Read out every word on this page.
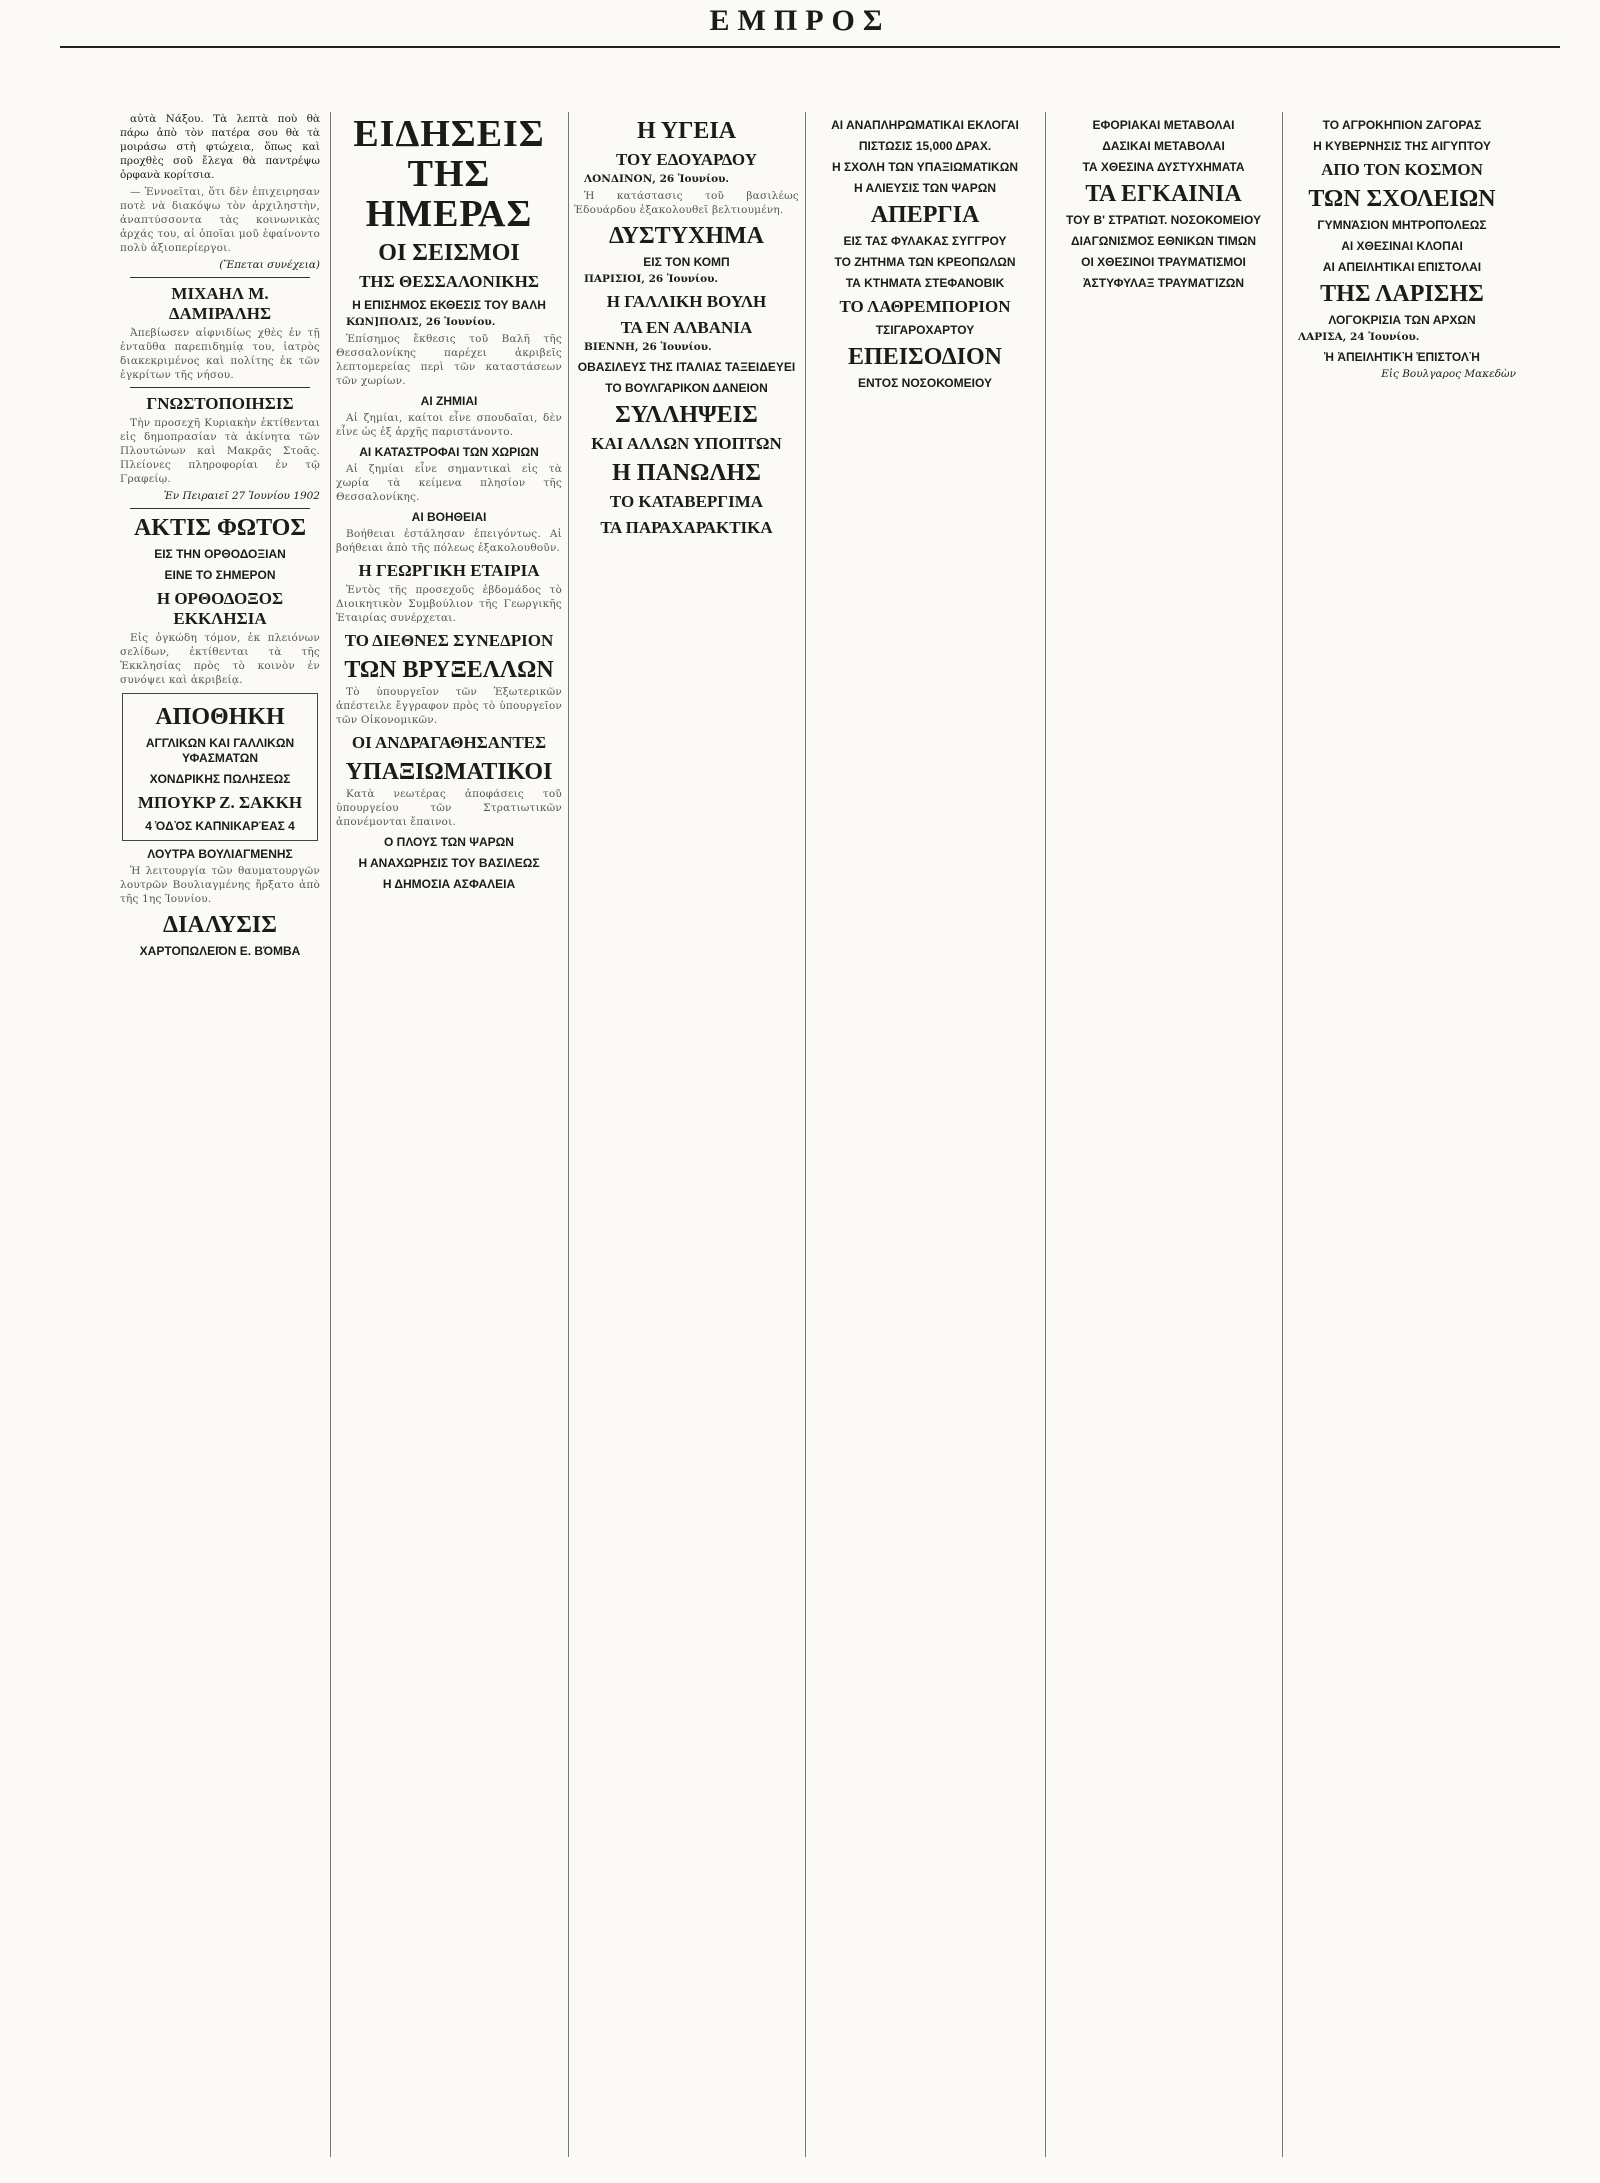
ΕΜΠΡΟΣ

αὐτὰ Νάξου. Τὰ λεπτὰ ποὺ θὰ πάρω ἀπὸ τὸν πατέρα σου θὰ τὰ μοιράσω στὴ φτώχεια, ὅπως καὶ προχθὲς σοῦ ἔλεγα θὰ παντρέψω ὀρφανὰ κορίτσια.

— Ἐννοεῖται, ὅτι δὲν ἐπιχειρησαν ποτὲ νὰ διακόψω τὸν ἀρχιληστὴν, ἀναπτύσσοντα τὰς κοινωνικὰς ἀρχάς του, αἱ ὁποῖαι μοῦ ἐφαίνοντο πολὺ ἀξιοπερίεργοι.

(Ἕπεται συνέχεια)

ΜΙΧΑΗΛ Μ. ΔΑΜΙΡΑΛΗΣ

Ἀπεβίωσεν αἰφνιδίως χθὲς ἐν τῇ ἐνταῦθα παρεπιδημίᾳ του, ἰατρὸς διακεκριμένος καὶ πολίτης ἐκ τῶν ἐγκρίτων τῆς νήσου.

ΓΝΩΣΤΟΠΟΙΗΣΙΣ

Τὴν προσεχῆ Κυριακὴν ἐκτίθενται εἰς δημοπρασίαν τὰ ἀκίνητα τῶν Πλουτώνων καὶ Μακρᾶς Στοᾶς. Πλείονες πληροφορίαι ἐν τῷ Γραφείῳ.

Ἐν Πειραιεῖ 27 Ἰουνίου 1902

ΑΚΤΙΣ ΦΩΤΟΣ
ΕΙΣ ΤΗΝ ΟΡΘΟΔΟΞΙΑΝ
ΕΙΝΕ ΤΟ ΣΗΜΕΡΟΝ
Η ΟΡΘΟΔΟΞΟΣ ΕΚΚΛΗΣΙΑ

Εἰς ὀγκώδη τόμον, ἐκ πλειόνων σελίδων, ἐκτίθενται τὰ τῆς Ἐκκλησίας πρὸς τὸ κοινὸν ἐν συνόψει καὶ ἀκριβείᾳ.

ΑΠΟΘΗΚΗ
ΑΓΓΛΙΚΩΝ ΚΑΙ ΓΑΛΛΙΚΩΝ ΥΦΑΣΜΑΤΩΝ
ΧΟΝΔΡΙΚΗΣ ΠΩΛΗΣΕΩΣ
ΜΠΟΥΚΡ Ζ. ΣΑΚΚΗ
4 ὉΔῸΣ ΚΑΠΝΙΚΑΡΈΑΣ 4
ΛΟΥΤΡΑ ΒΟΥΛΙΑΓΜΕΝΗΣ

Ἡ λειτουργία τῶν θαυματουργῶν λουτρῶν Βουλιαγμένης ἤρξατο ἀπὸ τῆς 1ης Ἰουνίου.

ΔΙΑΛΥΣΙΣ
ΧΑΡΤΟΠΩΛΕΙ͂ΟΝ Ε. ΒΌΜΒΑ
ΕΙΔΗΣΕΙΣ ΤΗΣ ΗΜΕΡΑΣ
ΟΙ ΣΕΙΣΜΟΙ
ΤΗΣ ΘΕΣΣΑΛΟΝΙΚΗΣ
Η ΕΠΙΣΗΜΟΣ ΕΚΘΕΣΙΣ ΤΟΥ ΒΑΛΗ

ΚΩΝ]ΠΟΛΙΣ, 26 Ἰουνίου.

Ἐπίσημος ἔκθεσις τοῦ Βαλῆ τῆς Θεσσαλονίκης παρέχει ἀκριβεῖς λεπτομερείας περὶ τῶν καταστάσεων τῶν χωρίων.

ΑΙ ΖΗΜΙΑΙ

Αἱ ζημίαι, καίτοι εἶνε σπουδαῖαι, δὲν εἶνε ὡς ἐξ ἀρχῆς παριστάνοντο.

ΑΙ ΚΑΤΑΣΤΡΟΦΑΙ ΤΩΝ ΧΩΡΙΩΝ

Αἱ ζημίαι εἶνε σημαντικαὶ εἰς τὰ χωρία τὰ κείμενα πλησίον τῆς Θεσσαλονίκης.

ΑΙ ΒΟΗΘΕΙΑΙ

Βοήθειαι ἐστάλησαν ἐπειγόντως. Αἱ βοήθειαι ἀπὸ τῆς πόλεως ἐξακολουθοῦν.

Η ΓΕΩΡΓΙΚΗ ΕΤΑΙΡΙΑ

Ἐντὸς τῆς προσεχοῦς ἑβδομάδος τὸ Διοικητικὸν Συμβούλιον τῆς Γεωργικῆς Ἑταιρίας συνέρχεται.

ΤΟ ΔΙΕΘΝΕΣ ΣΥΝΕΔΡΙΟΝ
ΤΩΝ ΒΡΥΞΕΛΛΩΝ

Τὸ ὑπουργεῖον τῶν Ἐξωτερικῶν ἀπέστειλε ἔγγραφον πρὸς τὸ ὑπουργεῖον τῶν Οἰκονομικῶν.

ΟΙ ΑΝΔΡΑΓΑΘΗΣΑΝΤΕΣ
ΥΠΑΞΙΩΜΑΤΙΚΟΙ

Κατὰ νεωτέρας ἀποφάσεις τοῦ ὑπουργείου τῶν Στρατιωτικῶν ἀπονέμονται ἔπαινοι.

Ο ΠΛΟΥΣ ΤΩΝ ΨΑΡΩΝ
Η ΑΝΑΧΩΡΗΣΙΣ ΤΟΥ ΒΑΣΙΛΕΩΣ
Η ΔΗΜΟΣΙΑ ΑΣΦΑΛΕΙΑ
Η ΥΓΕΙΑ
ΤΟΥ ΕΔΟΥΑΡΔΟΥ

ΛΟΝΔΙΝΟΝ, 26 Ἰουνίου.

Ἡ κατάστασις τοῦ βασιλέως Ἐδουάρδου ἐξακολουθεῖ βελτιουμένη.

ΔΥΣΤΥΧΗΜΑ
ΕΙΣ ΤΟΝ ΚΟΜΠ

ΠΑΡΙΣΙΟΙ, 26 Ἰουνίου.

Η ΓΑΛΛΙΚΗ ΒΟΥΛΗ
ΤΑ ΕΝ ΑΛΒΑΝΙΑ

ΒΙΕΝΝΗ, 26 Ἰουνίου.

ΟΒΑΣΙΛΕΥΣ ΤΗΣ ΙΤΑΛΙΑΣ ΤΑΞΕΙΔΕΥΕΙ
ΤΟ ΒΟΥΛΓΑΡΙΚΟΝ ΔΑΝΕΙΟΝ
ΣΥΛΛΗΨΕΙΣ
ΚΑΙ ΑΛΛΩΝ ΥΠΟΠΤΩΝ
Η ΠΑΝΩΛΗΣ
ΤΟ ΚΑΤΑΒΕΡΓΙΜΑ
ΤΑ ΠΑΡΑΧΑΡΑΚΤΙΚΑ
ΑΙ ΑΝΑΠΛΗΡΩΜΑΤΙΚΑΙ ΕΚΛΟΓΑΙ
ΠΙΣΤΩΣΙΣ 15,000 ΔΡΑΧ.
Η ΣΧΟΛΗ ΤΩΝ ΥΠΑΞΙΩΜΑΤΙΚΩΝ
Η ΑΛΙΕΥΣΙΣ ΤΩΝ ΨΑΡΩΝ
ΑΠΕΡΓΙΑ
ΕΙΣ ΤΑΣ ΦΥΛΑΚΑΣ ΣΥΓΓΡΟΥ
ΤΟ ΖΗΤΗΜΑ ΤΩΝ ΚΡΕΟΠΩΛΩΝ
ΤΑ ΚΤΗΜΑΤΑ ΣΤΕΦΑΝΟΒΙΚ
ΤΟ ΛΑΘΡΕΜΠΟΡΙΟΝ
ΤΣΙΓΑΡΟΧΑΡΤΟΥ
ΕΠΕΙΣΟΔΙΟΝ
ΕΝΤΟΣ ΝΟΣΟΚΟΜΕΙΟΥ
ΕΦΟΡΙΑΚΑΙ ΜΕΤΑΒΟΛΑΙ
ΔΑΣΙΚΑΙ ΜΕΤΑΒΟΛΑΙ
ΤΑ ΧΘΕΣΙΝΑ ΔΥΣΤΥΧΗΜΑΤΑ
ΤΑ ΕΓΚΑΙΝΙΑ
ΤΟΥ Β' ΣΤΡΑΤΙΩΤ. ΝΟΣΟΚΟΜΕΙΟΥ
ΔΙΑΓΩΝΙΣΜΟΣ ΕΘΝΙΚΩΝ ΤΙΜΩΝ
ΟΙ ΧΘΕΣΙΝΟΙ ΤΡΑΥΜΑΤΙΣΜΟΙ
ἈΣΤΥΦΥΛΑΞ ΤΡΑΥΜΑΤΊΖΩΝ
ΤΟ ΑΓΡΟΚΗΠΙΟΝ ΖΑΓΟΡΑΣ
Η ΚΥΒΕΡΝΗΣΙΣ ΤΗΣ ΑΙΓΥΠΤΟΥ
ΑΠΟ ΤΟΝ ΚΟΣΜΟΝ
ΤΩΝ ΣΧΟΛΕΙΩΝ
ΓΥΜΝΆΣΙΟΝ ΜΗΤΡΟΠΌΛΕΩΣ
ΑΙ ΧΘΕΣΙΝΑΙ ΚΛΟΠΑΙ
ΑΙ ΑΠΕΙΛΗΤΙΚΑΙ ΕΠΙΣΤΟΛΑΙ
ΤΗΣ ΛΑΡΙΣΗΣ
ΛΟΓΟΚΡΙΣΙΑ ΤΩΝ ΑΡΧΩΝ

ΛΑΡΙΣΑ, 24 Ἰουνίου.

Ἡ ἈΠΕΙΛΗΤΙΚῊ ἘΠΙΣΤΟΛῊ

Εἰς Βουλγαρος Μακεδὼν
